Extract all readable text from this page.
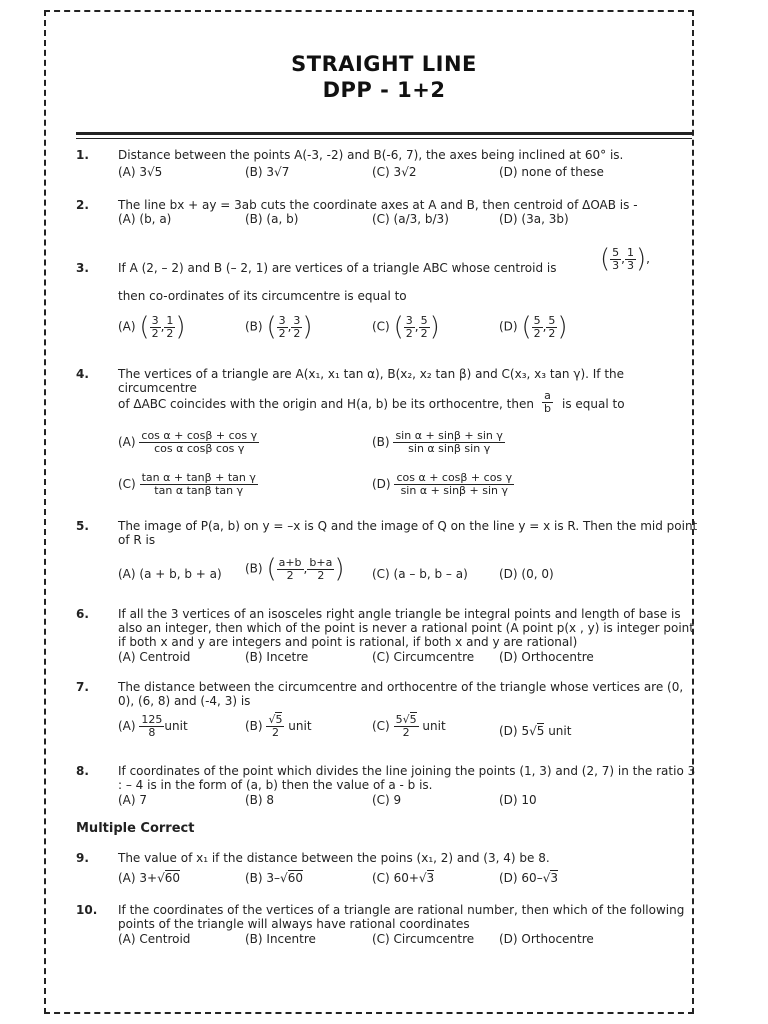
STRAIGHT LINE
DPP - 1+2
1. Distance between the points A(-3, -2) and B(-6, 7), the axes being inclined at 60° is.
(A) 3√5	(B) 3√7	(C) 3√2	(D) none of these
2. The line bx + ay = 3ab cuts the coordinate axes at A and B, then centroid of ΔOAB is -
(A) (b, a)	(B) (a, b)	(C) (a/3, b/3)	(D) (3a, 3b)
3. If A (2, – 2) and B (– 2, 1) are vertices of a triangle ABC whose centroid is	( $\frac{5}{3}$ , $\frac{1}{3}$ ),
then co-ordinates of its circumcentre is equal to
(A) ( $\frac{3}{2}$ , $\frac{1}{2}$ )	(B) ( $\frac{3}{2}$ , $\frac{3}{2}$ )	(C) ( $\frac{3}{2}$ , $\frac{5}{2}$ )	(D) ( $\frac{5}{2}$ , $\frac{5}{2}$ )
4. The vertices of a triangle are A(x₁, x₁ tan α), B(x₂, x₂ tan β) and C(x₃, x₃ tan γ). If the circumcentre
of ΔABC coincides with the origin and H(a, b) be its orthocentre, then $\frac{a}{b}$ is equal to
$(A) \frac{\text{cos α + cosβ + cos γ}}{\text{cos α cosβ cos γ}}$	$(B) \frac{\text{sin α + sinβ + sin γ}}{\text{sin α sinβ sin γ}}$
$(C) \frac{\text{tan α + tanβ + tan γ}}{\text{tan α tanβ tan γ}}$	$(D) \frac{\text{cos α + cosβ + cos γ}}{\text{sin α + sinβ + sin γ}}$
5. The image of P(a, b) on y = –x is Q and the image of Q on the line y = x is R. Then the mid point of R is
(A) (a + b, b + a) (B) ( $\frac{a+b}{2}$ , $\frac{b+a}{2}$ ) (C) (a – b, b – a)	(D) (0, 0)
6. If all the 3 vertices of an isosceles right angle triangle be integral points and length of base is also an integer, then which of the point is never a rational point (A point p(x , y) is integer point if both x and y are integers and point is rational, if both x and y are rational)
(A) Centroid	(B) Incetre	(C) Circumcentre (D) Orthocentre
7. The distance between the circumcentre and orthocentre of the triangle whose vertices are (0, 0), (6, 8) and (-4, 3) is
$(A) \frac{125}{8}$ unit	$(B) \frac{√5}{2}$ unit	$(C) \frac{5√5}{2}$ unit	(D) 5√5 unit
8. If coordinates of the point which divides the line joining the points (1, 3) and (2, 7) in the ratio 3 : – 4 is in the form of (a, b) then the value of a - b is.
(A) 7	(B) 8	(C) 9	(D) 10
Multiple Correct
9. The value of x₁ if the distance between the poins (x₁, 2) and (3, 4) be 8.
(A) 3+√60	(B) 3–√60	(C) 60+√3	(D) 60–√3
10. If the coordinates of the vertices of a triangle are rational number, then which of the following points of the triangle will always have rational coordinates
(A) Centroid	(B) Incentre	(C) Circumcentre (D) Orthocentre
